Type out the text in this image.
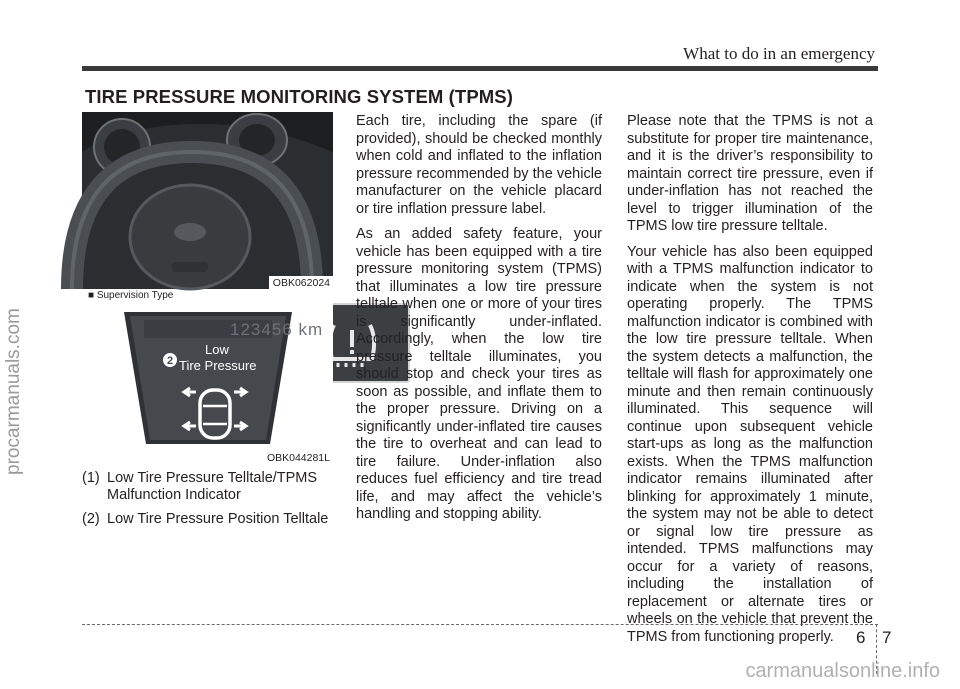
What to do in an emergency
TIRE PRESSURE MONITORING SYSTEM (TPMS)
procarmanuals.com
OBK062024
■ Supervision Type
2
123456 km
Low
Tire Pressure
OBK044281L
(1) Low Tire Pressure Telltale/TPMS Malfunction Indicator
(2) Low Tire Pressure Position Telltale

Each tire, including the spare (if provided), should be checked monthly when cold and inflated to the inflation pressure recommended by the vehicle manufacturer on the vehicle placard or tire inflation pressure label.

As an added safety feature, your vehicle has been equipped with a tire pressure monitoring system (TPMS) that illuminates a low tire pressure telltale when one or more of your tires is significantly under-inflated. Accordingly, when the low tire pressure telltale illuminates, you should stop and check your tires as soon as possible, and inflate them to the proper pressure. Driving on a significantly under-inflated tire causes the tire to overheat and can lead to tire failure. Under-inflation also reduces fuel efficiency and tire tread life, and may affect the vehicle’s handling and stopping ability.

Please note that the TPMS is not a substitute for proper tire maintenance, and it is the driver’s responsibility to maintain correct tire pressure, even if under-inflation has not reached the level to trigger illumination of the TPMS low tire pressure telltale.

Your vehicle has also been equipped with a TPMS malfunction indicator to indicate when the system is not operating properly. The TPMS malfunction indicator is combined with the low tire pressure telltale. When the system detects a malfunction, the telltale will flash for approximately one minute and then remain continuously illuminated. This sequence will continue upon subsequent vehicle start-ups as long as the malfunction exists. When the TPMS malfunction indicator remains illuminated after blinking for approximately 1 minute, the system may not be able to detect or signal low tire pressure as intended. TPMS malfunctions may occur for a variety of reasons, including the installation of replacement or alternate tires or wheels on the vehicle that prevent the TPMS from functioning properly.	6 7
carmanualsonline.info
